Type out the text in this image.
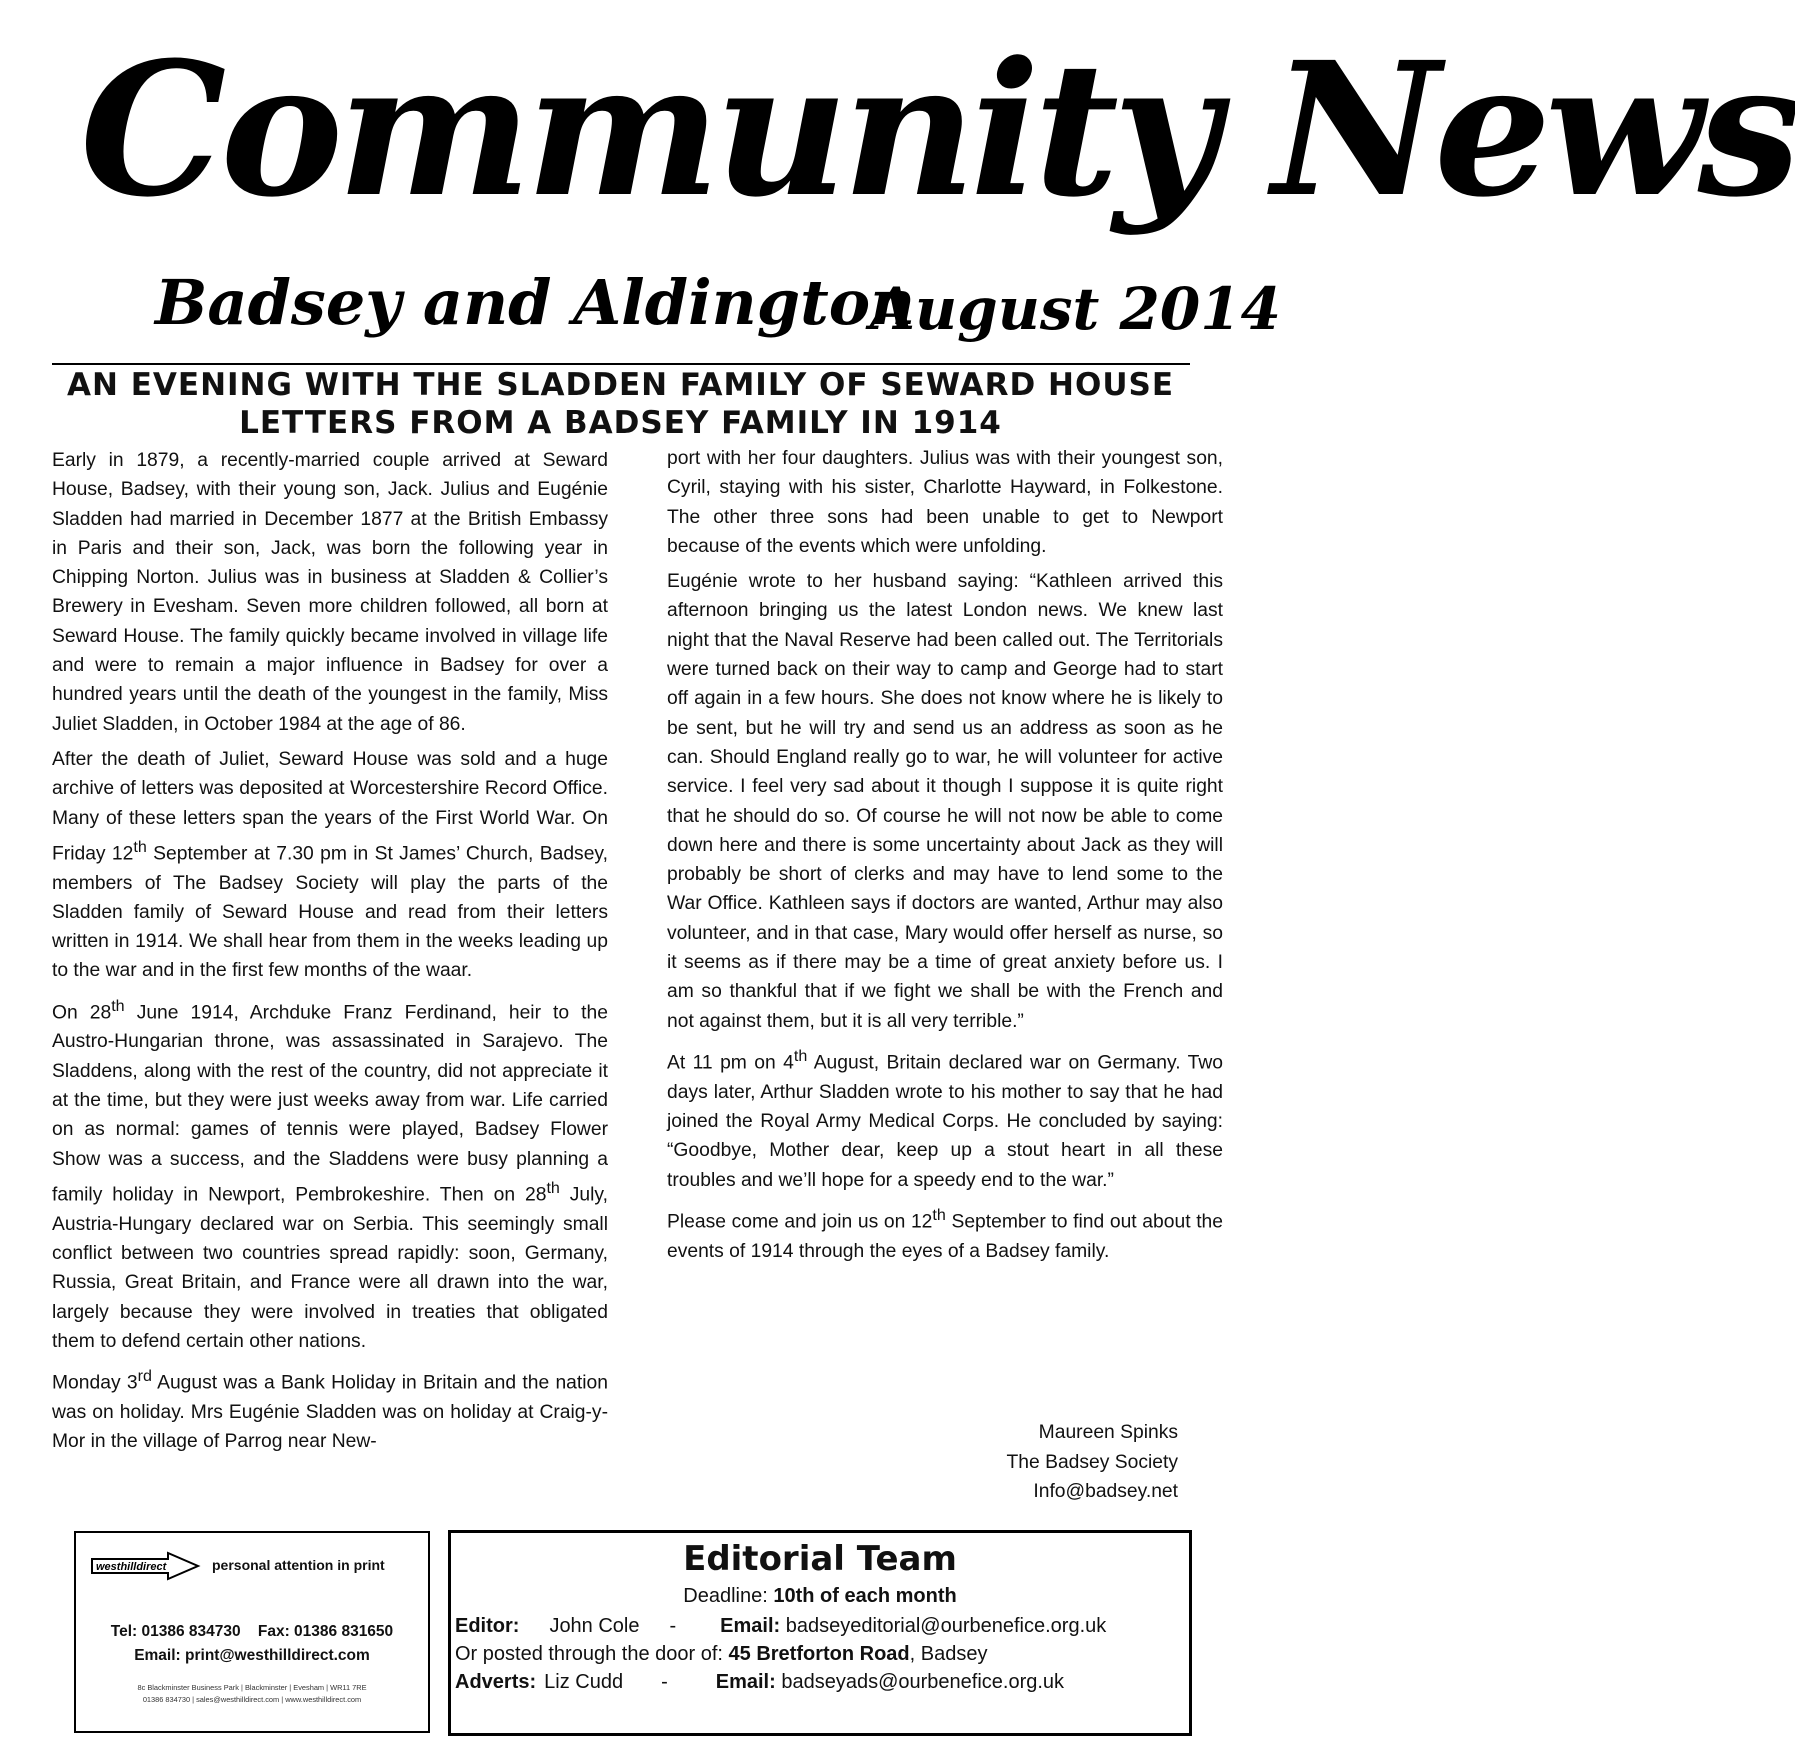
Community News
Badsey and Aldington
August 2014
AN EVENING WITH THE SLADDEN FAMILY OF SEWARD HOUSE
LETTERS FROM A BADSEY FAMILY IN 1914

Early in 1879, a recently-married couple arrived at Seward House, Badsey, with their young son, Jack. Julius and Eugénie Sladden had married in December 1877 at the British Embassy in Paris and their son, Jack, was born the following year in Chipping Norton. Julius was in business at Sladden & Collier’s Brewery in Evesham. Seven more children followed, all born at Seward House. The family quickly became involved in village life and were to remain a major influence in Badsey for over a hundred years until the death of the youngest in the family, Miss Juliet Sladden, in October 1984 at the age of 86.

After the death of Juliet, Seward House was sold and a huge archive of letters was deposited at Worcestershire Record Office. Many of these letters span the years of the First World War. On Friday 12th September at 7.30 pm in St James’ Church, Badsey, members of The Badsey Society will play the parts of the Sladden family of Seward House and read from their letters written in 1914. We shall hear from them in the weeks leading up to the war and in the first few months of the waar.

On 28th June 1914, Archduke Franz Ferdinand, heir to the Austro-Hungarian throne, was assassinated in Sarajevo. The Sladdens, along with the rest of the country, did not appreciate it at the time, but they were just weeks away from war. Life carried on as normal: games of tennis were played, Badsey Flower Show was a success, and the Sladdens were busy planning a family holiday in Newport, Pembrokeshire. Then on 28th July, Austria-Hungary declared war on Serbia. This seemingly small conflict between two countries spread rapidly: soon, Germany, Russia, Great Britain, and France were all drawn into the war, largely because they were involved in treaties that obligated them to defend certain other nations.

Monday 3rd August was a Bank Holiday in Britain and the nation was on holiday. Mrs Eugénie Sladden was on holiday at Craig-y-Mor in the village of Parrog near New-

port with her four daughters. Julius was with their youngest son, Cyril, staying with his sister, Charlotte Hayward, in Folkestone. The other three sons had been unable to get to Newport because of the events which were unfolding.

Eugénie wrote to her husband saying: “Kathleen arrived this afternoon bringing us the latest London news. We knew last night that the Naval Reserve had been called out. The Territorials were turned back on their way to camp and George had to start off again in a few hours. She does not know where he is likely to be sent, but he will try and send us an address as soon as he can. Should England really go to war, he will volunteer for active service. I feel very sad about it though I suppose it is quite right that he should do so. Of course he will not now be able to come down here and there is some uncertainty about Jack as they will probably be short of clerks and may have to lend some to the War Office. Kathleen says if doctors are wanted, Arthur may also volunteer, and in that case, Mary would offer herself as nurse, so it seems as if there may be a time of great anxiety before us. I am so thankful that if we fight we shall be with the French and not against them, but it is all very terrible.”

At 11 pm on 4th August, Britain declared war on Germany. Two days later, Arthur Sladden wrote to his mother to say that he had joined the Royal Army Medical Corps. He concluded by saying: “Goodbye, Mother dear, keep up a stout heart in all these troubles and we’ll hope for a speedy end to the war.”

Please come and join us on 12th September to find out about the events of 1914 through the eyes of a Badsey family.

Maureen Spinks
The Badsey Society
Info@badsey.net
westhilldirect	personal attention in print
Tel: 01386 834730    Fax: 01386 831650
Email: print@westhilldirect.com
8c Blackminster Business Park | Blackminster | Evesham | WR11 7RE
01386 834730 | sales@westhilldirect.com | www.westhilldirect.com
Editorial Team
Deadline: 10th of each month
Editor: John Cole - Email: badseyeditorial@ourbenefice.org.uk
Or posted through the door of: 45 Bretforton Road, Badsey
Adverts: Liz Cudd - Email: badseyads@ourbenefice.org.uk
